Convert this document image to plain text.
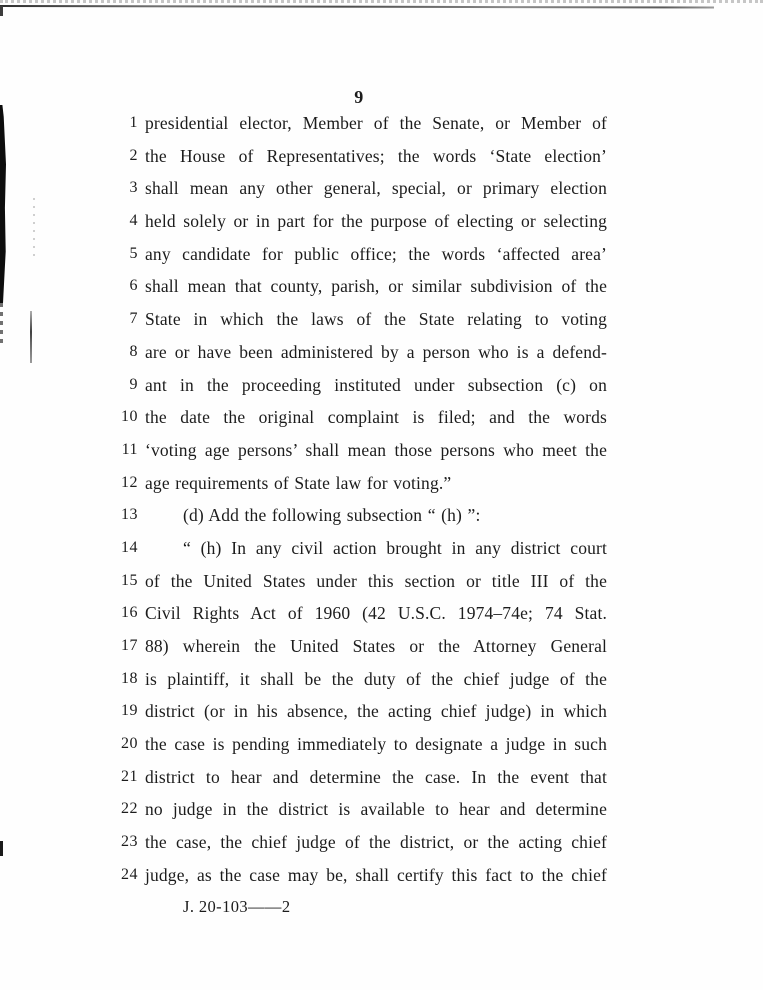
9
1 presidential elector, Member of the Senate, or Member of
2 the House of Representatives; the words ‘State election’
3 shall mean any other general, special, or primary election
4 held solely or in part for the purpose of electing or selecting
5 any candidate for public office; the words ‘affected area’
6 shall mean that county, parish, or similar subdivision of the
7 State in which the laws of the State relating to voting
8 are or have been administered by a person who is a defend-
9 ant in the proceeding instituted under subsection (c) on
10 the date the original complaint is filed; and the words
11 ‘voting age persons’ shall mean those persons who meet the
12 age requirements of State law for voting.”
13	(d) Add the following subsection “ (h) ”:
14	“ (h) In any civil action brought in any district court
15 of the United States under this section or title III of the
16 Civil Rights Act of 1960 (42 U.S.C. 1974–74e; 74 Stat.
17 88) wherein the United States or the Attorney General
18 is plaintiff, it shall be the duty of the chief judge of the
19 district (or in his absence, the acting chief judge) in which
20 the case is pending immediately to designate a judge in such
21 district to hear and determine the case. In the event that
22 no judge in the district is available to hear and determine
23 the case, the chief judge of the district, or the acting chief
24 judge, as the case may be, shall certify this fact to the chief
J. 20-103——2
